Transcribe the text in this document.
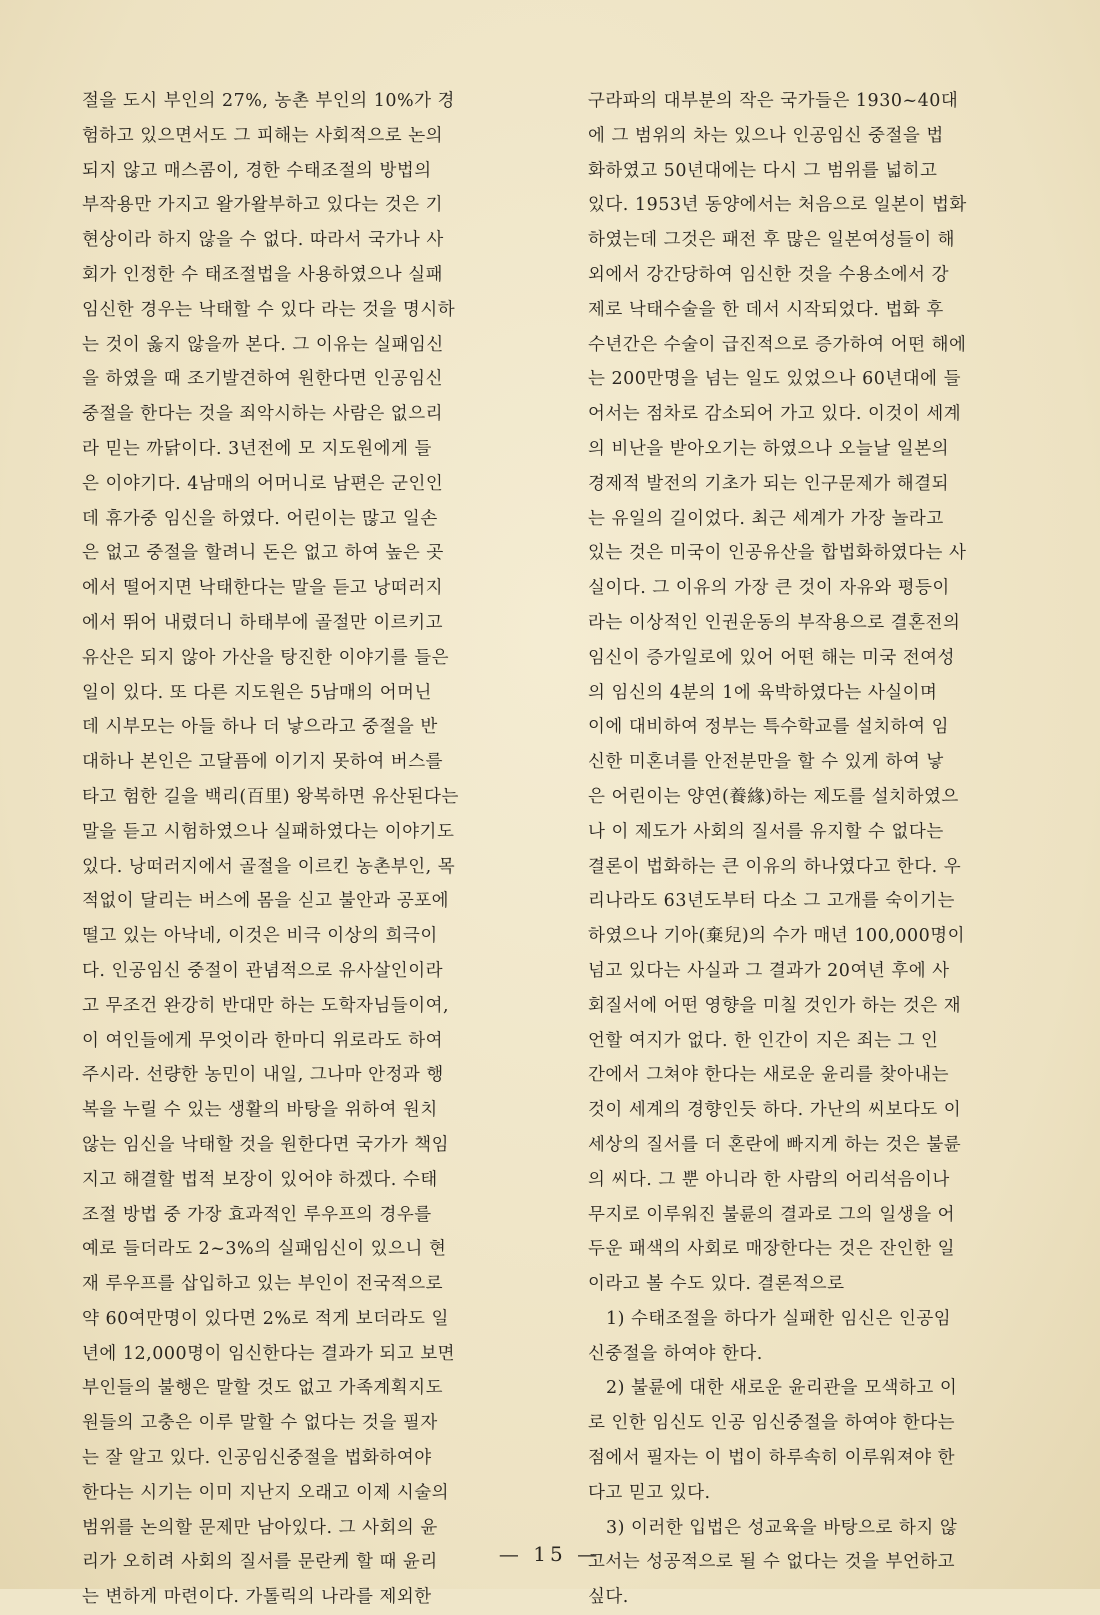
절을 도시 부인의 27%, 농촌 부인의 10%가 경
험하고 있으면서도 그 피해는 사회적으로 논의
되지 않고 매스콤이, 경한 수태조절의 방법의
부작용만 가지고 왈가왈부하고 있다는 것은 기
현상이라 하지 않을 수 없다. 따라서 국가나 사
회가 인정한 수 태조절법을 사용하였으나 실패
임신한 경우는 낙태할 수 있다 라는 것을 명시하
는 것이 옳지 않을까 본다. 그 이유는 실패임신
을 하였을 때 조기발견하여 원한다면 인공임신
중절을 한다는 것을 죄악시하는 사람은 없으리
라 믿는 까닭이다. 3년전에 모 지도원에게 들
은 이야기다. 4남매의 어머니로 남편은 군인인
데 휴가중 임신을 하였다. 어린이는 많고 일손
은 없고 중절을 할려니 돈은 없고 하여 높은 곳
에서 떨어지면 낙태한다는 말을 듣고 낭떠러지
에서 뛰어 내렸더니 하태부에 골절만 이르키고
유산은 되지 않아 가산을 탕진한 이야기를 들은
일이 있다. 또 다른 지도원은 5남매의 어머닌
데 시부모는 아들 하나 더 낳으라고 중절을 반
대하나 본인은 고달픔에 이기지 못하여 버스를
타고 험한 길을 백리(百里) 왕복하면 유산된다는
말을 듣고 시험하였으나 실패하였다는 이야기도
있다. 낭떠러지에서 골절을 이르킨 농촌부인, 목
적없이 달리는 버스에 몸을 싣고 불안과 공포에
떨고 있는 아낙네, 이것은 비극 이상의 희극이
다. 인공임신 중절이 관념적으로 유사살인이라
고 무조건 완강히 반대만 하는 도학자님들이여,
이 여인들에게 무엇이라 한마디 위로라도 하여
주시라. 선량한 농민이 내일, 그나마 안정과 행
복을 누릴 수 있는 생활의 바탕을 위하여 원치
않는 임신을 낙태할 것을 원한다면 국가가 책임
지고 해결할 법적 보장이 있어야 하겠다. 수태
조절 방법 중 가장 효과적인 루우프의 경우를
예로 들더라도 2~3%의 실패임신이 있으니 현
재 루우프를 삽입하고 있는 부인이 전국적으로
약 60여만명이 있다면 2%로 적게 보더라도 일
년에 12,000명이 임신한다는 결과가 되고 보면
부인들의 불행은 말할 것도 없고 가족계획지도
원들의 고충은 이루 말할 수 없다는 것을 필자
는 잘 알고 있다. 인공임신중절을 법화하여야
한다는 시기는 이미 지난지 오래고 이제 시술의
범위를 논의할 문제만 남아있다. 그 사회의 윤
리가 오히려 사회의 질서를 문란케 할 때 윤리
는 변하게 마련이다. 가톨릭의 나라를 제외한
구라파의 대부분의 작은 국가들은 1930~40대
에 그 범위의 차는 있으나 인공임신 중절을 법
화하였고 50년대에는 다시 그 범위를 넓히고
있다. 1953년 동양에서는 처음으로 일본이 법화
하였는데 그것은 패전 후 많은 일본여성들이 해
외에서 강간당하여 임신한 것을 수용소에서 강
제로 낙태수술을 한 데서 시작되었다. 법화 후
수년간은 수술이 급진적으로 증가하여 어떤 해에
는 200만명을 넘는 일도 있었으나 60년대에 들
어서는 점차로 감소되어 가고 있다. 이것이 세계
의 비난을 받아오기는 하였으나 오늘날 일본의
경제적 발전의 기초가 되는 인구문제가 해결되
는 유일의 길이었다. 최근 세계가 가장 놀라고
있는 것은 미국이 인공유산을 합법화하였다는 사
실이다. 그 이유의 가장 큰 것이 자유와 평등이
라는 이상적인 인권운동의 부작용으로 결혼전의
임신이 증가일로에 있어 어떤 해는 미국 전여성
의 임신의 4분의 1에 육박하였다는 사실이며
이에 대비하여 정부는 특수학교를 설치하여 임
신한 미혼녀를 안전분만을 할 수 있게 하여 낳
은 어린이는 양연(養緣)하는 제도를 설치하였으
나 이 제도가 사회의 질서를 유지할 수 없다는
결론이 법화하는 큰 이유의 하나였다고 한다. 우
리나라도 63년도부터 다소 그 고개를 숙이기는
하였으나 기아(棄兒)의 수가 매년 100,000명이
넘고 있다는 사실과 그 결과가 20여년 후에 사
회질서에 어떤 영향을 미칠 것인가 하는 것은 재
언할 여지가 없다. 한 인간이 지은 죄는 그 인
간에서 그쳐야 한다는 새로운 윤리를 찾아내는
것이 세계의 경향인듯 하다. 가난의 씨보다도 이
세상의 질서를 더 혼란에 빠지게 하는 것은 불륜
의 씨다. 그 뿐 아니라 한 사람의 어리석음이나
무지로 이루워진 불륜의 결과로 그의 일생을 어
두운 패색의 사회로 매장한다는 것은 잔인한 일
이라고 볼 수도 있다. 결론적으로
1) 수태조절을 하다가 실패한 임신은 인공임
신중절을 하여야 한다.
2) 불륜에 대한 새로운 윤리관을 모색하고 이
로 인한 임신도 인공 임신중절을 하여야 한다는
점에서 필자는 이 법이 하루속히 이루워져야 한
다고 믿고 있다.
3) 이러한 입법은 성교육을 바탕으로 하지 않
고서는 성공적으로 될 수 없다는 것을 부언하고
싶다.
— 15 —
